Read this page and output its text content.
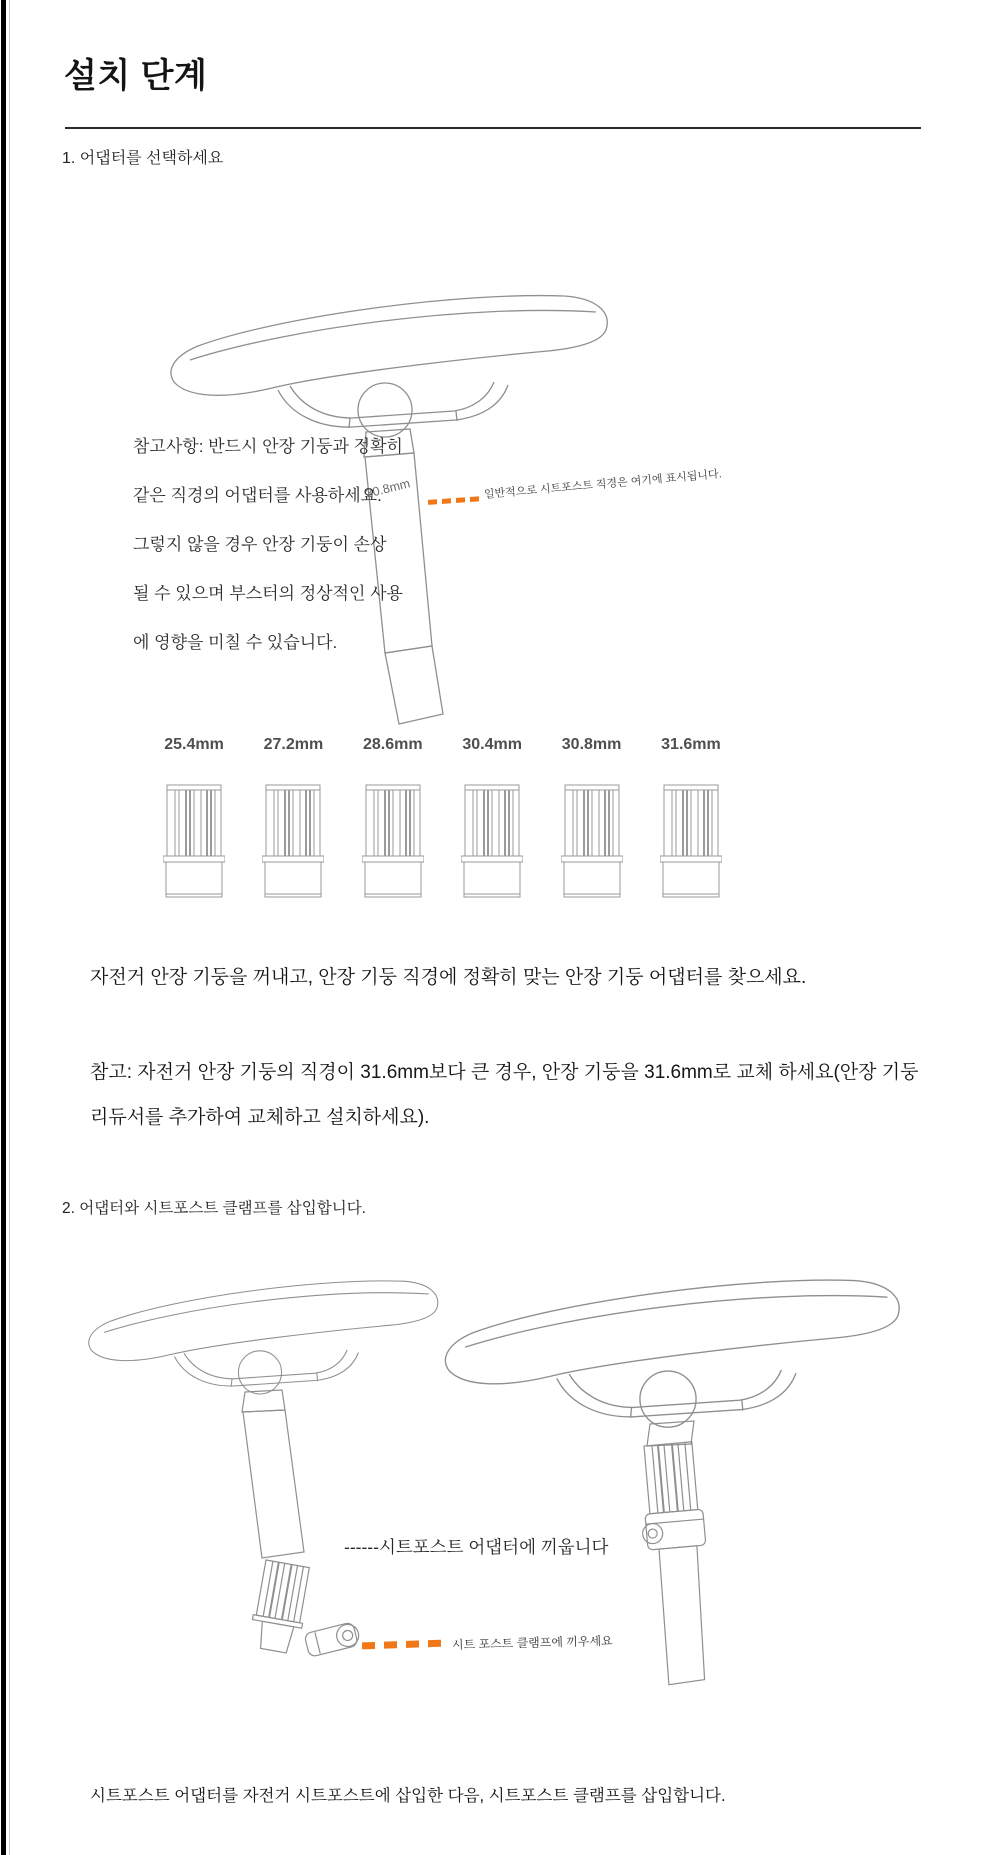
설치 단계
1. 어댑터를 선택하세요
참고사항: 반드시 안장 기둥과 정확히
같은 직경의 어댑터를 사용하세요.
그렇지 않을 경우 안장 기둥이 손상
될 수 있으며 부스터의 정상적인 사용
에 영향을 미칠 수 있습니다.
30.8mm	일반적으로 시트포스트 직경은 여기에 표시됩니다.
25.4mm 27.2mm 28.6mm 30.4mm 30.8mm 31.6mm
자전거 안장 기둥을 꺼내고, 안장 기둥 직경에 정확히 맞는 안장 기둥 어댑터를 찾으세요.
참고: 자전거 안장 기둥의 직경이 31.6mm보다 큰 경우, 안장 기둥을 31.6mm로 교체 하세요(안장 기둥 리듀서를 추가하여 교체하고 설치하세요).
2. 어댑터와 시트포스트 클램프를 삽입합니다.
------시트포스트 어댑터에 끼웁니다
시트 포스트 클램프에 끼우세요
시트포스트 어댑터를 자전거 시트포스트에 삽입한 다음, 시트포스트 클램프를 삽입합니다.
